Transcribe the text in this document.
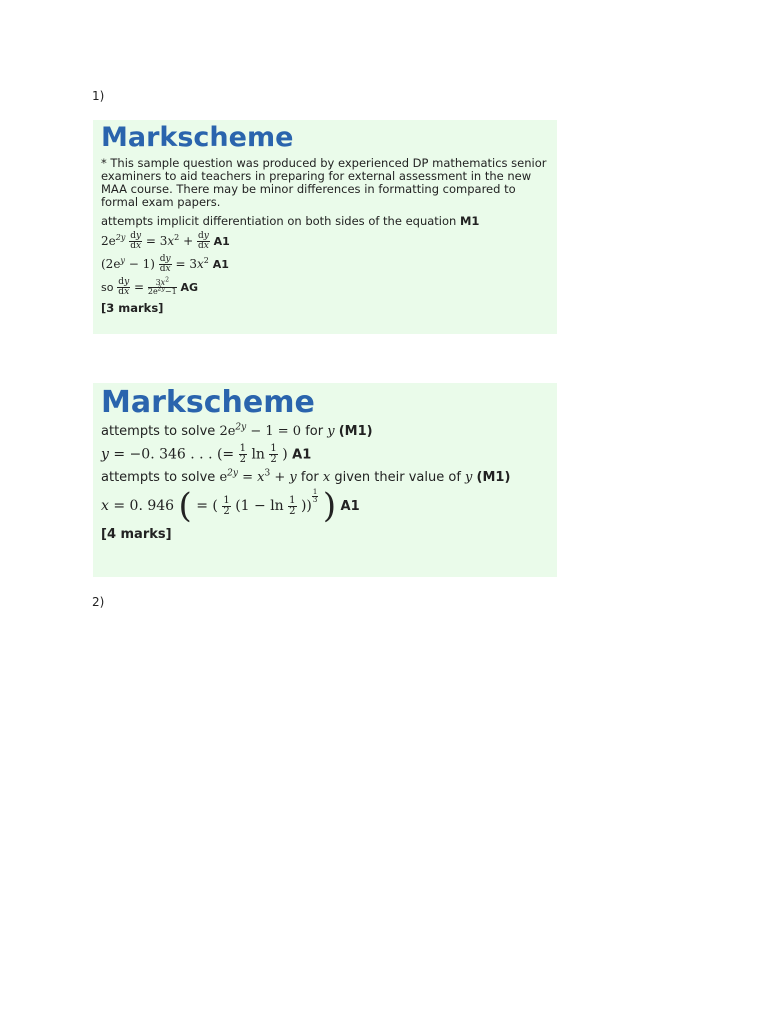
1)
Markscheme

* This sample question was produced by experienced DP mathematics senior examiners to aid teachers in preparing for external assessment in the new MAA course. There may be minor differences in formatting compared to formal exam papers.

attempts implicit differentiation on both sides of the equation M1

$2e^{2y} \frac{dy}{dx} = 3x^2 + \frac{dy}{dx} A1$

$(2e^y - 1) \frac{dy}{dx} = 3x^2$ A1

so $\frac{dy}{dx} = \frac{3x^2}{2e^{2y}-1}$ AG

[3 marks]

Markscheme

attempts to solve $2e^{2y} - 1 = 0$ for y (M1)

y = −0. 346 . . . (= $\frac{1}{2}$ $\ln \frac{1}{2}$ ) A1

attempts to solve $e^{2y} = x^3 + y$ for x given their value of y (M1)

x = 0. 946 ( = ( $\frac{1}{2} (1 - \ln \frac{1}{2}$ ))
$^{\frac{1}{3}}$ ) A1

[4 marks]

2)
